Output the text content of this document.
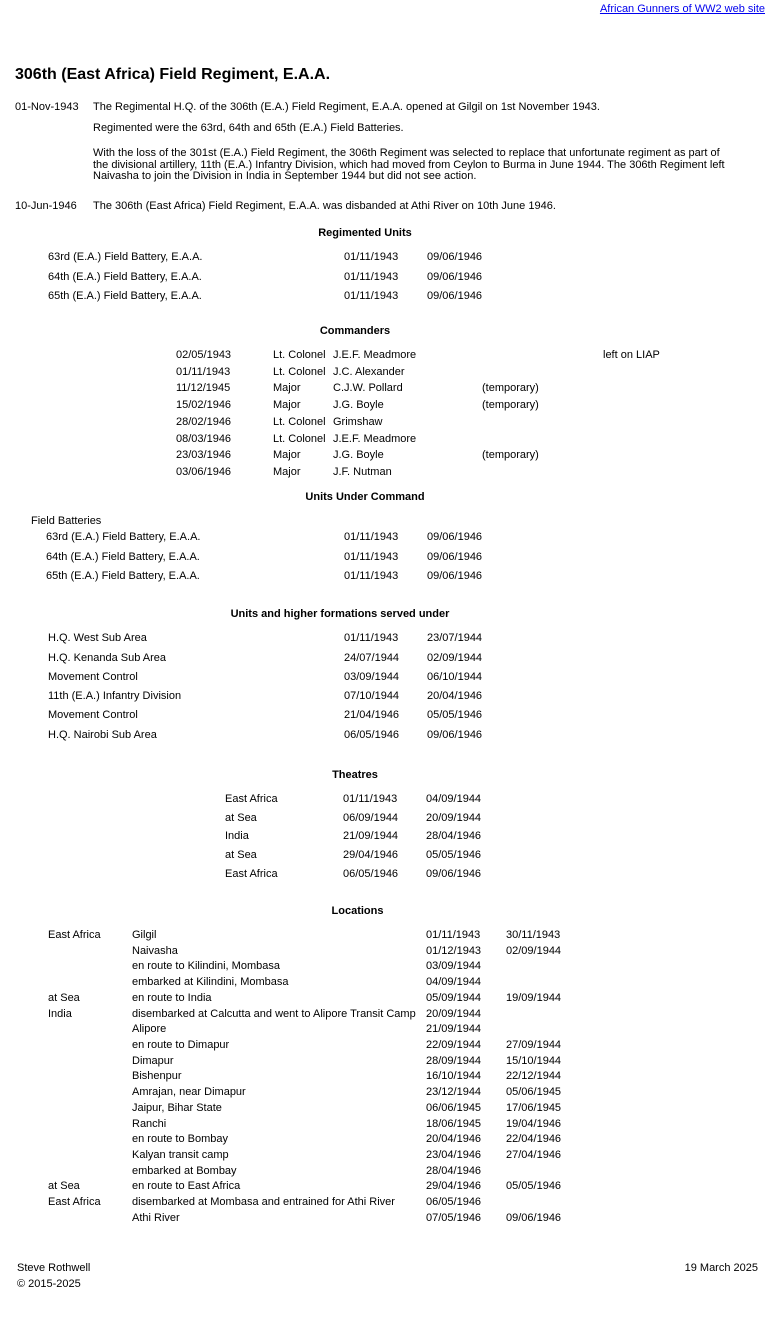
African Gunners of WW2 web site
306th (East Africa) Field Regiment, E.A.A.
01-Nov-1943 The Regimental H.Q. of the 306th (E.A.) Field Regiment, E.A.A. opened at Gilgil on 1st November 1943.
Regimented were the 63rd, 64th and 65th (E.A.) Field Batteries.
With the loss of the 301st (E.A.) Field Regiment, the 306th Regiment was selected to replace that unfortunate regiment as part of the divisional artillery, 11th (E.A.) Infantry Division, which had moved from Ceylon to Burma in June 1944. The 306th Regiment left Naivasha to join the Division in India in September 1944 but did not see action.
10-Jun-1946 The 306th (East Africa) Field Regiment, E.A.A. was disbanded at Athi River on 10th June 1946.
Regimented Units
63rd (E.A.) Field Battery, E.A.A.	01/11/1943	09/06/1946
64th (E.A.) Field Battery, E.A.A.	01/11/1943	09/06/1946
65th (E.A.) Field Battery, E.A.A.	01/11/1943	09/06/1946
Commanders
02/05/1943	Lt. Colonel J.E.F. Meadmore	left on LIAP
01/11/1943	Lt. Colonel J.C. Alexander
11/12/1945	Major	C.J.W. Pollard	(temporary)
15/02/1946	Major	J.G. Boyle	(temporary)
28/02/1946	Lt. Colonel Grimshaw
08/03/1946	Lt. Colonel J.E.F. Meadmore
23/03/1946	Major	J.G. Boyle	(temporary)
03/06/1946	Major	J.F. Nutman
Units Under Command
Field Batteries
63rd (E.A.) Field Battery, E.A.A.	01/11/1943	09/06/1946
64th (E.A.) Field Battery, E.A.A.	01/11/1943	09/06/1946
65th (E.A.) Field Battery, E.A.A.	01/11/1943	09/06/1946
Units and higher formations served under
H.Q. West Sub Area	01/11/1943	23/07/1944
H.Q. Kenanda Sub Area	24/07/1944	02/09/1944
Movement Control	03/09/1944	06/10/1944
11th (E.A.) Infantry Division	07/10/1944	20/04/1946
Movement Control	21/04/1946	05/05/1946
H.Q. Nairobi Sub Area	06/05/1946	09/06/1946
Theatres
East Africa	01/11/1943	04/09/1944
at Sea	06/09/1944	20/09/1944
India	21/09/1944	28/04/1946
at Sea	29/04/1946	05/05/1946
East Africa	06/05/1946	09/06/1946
Locations
East Africa	Gilgil	01/11/1943 30/11/1943
Naivasha	01/12/1943 02/09/1944
en route to Kilindini, Mombasa	03/09/1944
embarked at Kilindini, Mombasa	04/09/1944
at Sea	en route to India	05/09/1944 19/09/1944
India	disembarked at Calcutta and went to Alipore Transit Camp 20/09/1944
Alipore	21/09/1944
en route to Dimapur	22/09/1944 27/09/1944
Dimapur	28/09/1944 15/10/1944
Bishenpur	16/10/1944 22/12/1944
Amrajan, near Dimapur	23/12/1944 05/06/1945
Jaipur, Bihar State	06/06/1945 17/06/1945
Ranchi	18/06/1945 19/04/1946
en route to Bombay	20/04/1946 22/04/1946
Kalyan transit camp	23/04/1946 27/04/1946
embarked at Bombay	28/04/1946
at Sea	en route to East Africa	29/04/1946 05/05/1946
East Africa	disembarked at Mombasa and entrained for Athi River	06/05/1946
Athi River	07/05/1946 09/06/1946
Steve Rothwell
© 2015-2025
19 March 2025
